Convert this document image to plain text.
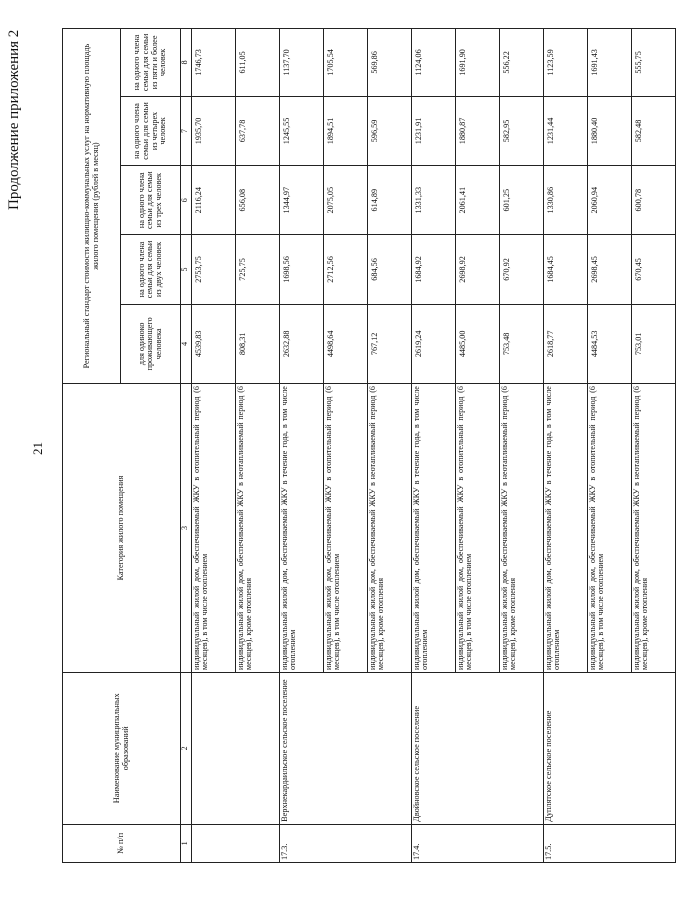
21
Продолжение приложения 2
№ п/п	Наименование муниципальных образований	Категория жилого помещения	Региональный стандарт стоимости жилищно-коммунальных услуг на нормативную площадь жилого помещения (рублей в месяц)				
			для одиноко проживающего человека	на одного члена семьи для семьи из двух человек	на одного члена семьи для семьи из трех человек	на одного члена семьи для семьи из четырех человек	на одного члена семьи для семьи из пяти и более человек
1	2	3	4	5	6	7	8
		индивидуальный жилой дом, обеспечиваемый ЖКУ в отопительный период (6 месяцев), в том числе отоплением	4539,83	2753,75	2116,24	1935,70	1746,73
		индивидуальный жилой дом, обеспечиваемый ЖКУ в неотапливаемый период (6 месяцев), кроме отопления	808,31	725,75	656,08	637,78	611,05
17.3.	Верхнекардаильское сельское поселение	индивидуальный жилой дом, обеспечиваемый ЖКУ в течение года, в том числе отоплением	2632,88	1698,56	1344,97	1245,55	1137,70
		индивидуальный жилой дом, обеспечиваемый ЖКУ в отопительный период (6 месяцев), в том числе отоплением	4498,64	2712,56	2075,05	1894,51	1705,54
		индивидуальный жилой дом, обеспечиваемый ЖКУ в неотапливаемый период (6 месяцев), кроме отопления	767,12	684,56	614,89	596,59	569,86
17.4.	Двойновское сельское поселение	индивидуальный жилой дом, обеспечиваемый ЖКУ в течение года, в том числе отоплением	2619,24	1684,92	1331,33	1231,91	1124,06
		индивидуальный жилой дом, обеспечиваемый ЖКУ в отопительный период (6 месяцев), в том числе отоплением	4485,00	2698,92	2061,41	1880,87	1691,90
		индивидуальный жилой дом, обеспечиваемый ЖКУ в неотапливаемый период (6 месяцев), кроме отопления	753,48	670,92	601,25	582,95	556,22
17.5.	Дуплятское сельское поселение	индивидуальный жилой дом, обеспечиваемый ЖКУ в течение года, в том числе отоплением	2618,77	1684,45	1330,86	1231,44	1123,59
		индивидуальный жилой дом, обеспечиваемый ЖКУ в отопительный период (6 месяцев), в том числе отоплением	4484,53	2698,45	2060,94	1880,40	1691,43
		индивидуальный жилой дом, обеспечиваемый ЖКУ в неотапливаемый период (6 месяцев), кроме отопления	753,01	670,45	600,78	582,48	555,75
